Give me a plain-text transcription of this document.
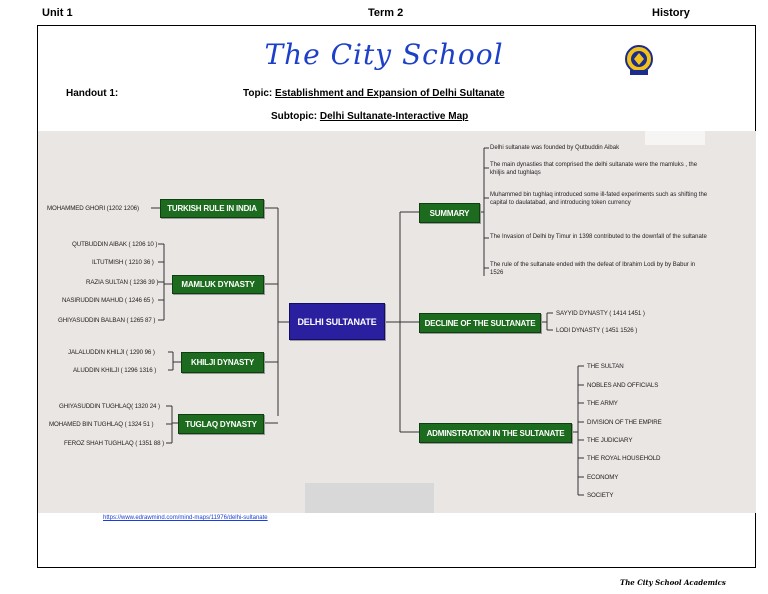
Unit 1	Term 2	History
The City School
Handout 1:	Topic: Establishment and Expansion of Delhi Sultanate
Subtopic: Delhi Sultanate-Interactive Map
DELHI SULTANATE
TURKISH RULE IN INDIA
MAMLUK DYNASTY
KHILJI DYNASTY
TUGLAQ DYNASTY
MOHAMMED GHORI (1202 1206)
QUTBUDDIN AIBAK ( 1206 10 )
ILTUTMISH ( 1210 36 )
RAZIA SULTAN ( 1236 39 )
NASIRUDDIN MAHUD ( 1246 65 )
GHIYASUDDIN BALBAN ( 1265 87 )
JALALUDDIN KHILJI ( 1290 96 )
ALUDDIN KHILJI ( 1296 1316 )
GHIYASUDDIN TUGHLAQ( 1320 24 )
MOHAMED BIN TUGHLAQ ( 1324 51 )
FEROZ SHAH TUGHLAQ ( 1351 88 )
SUMMARY
DECLINE OF THE SULTANATE
ADMINSTRATION IN THE SULTANATE
Delhi sultanate was founded by Qutbuddin Aibak
The main dynasties that comprised the delhi sultanate were the mamluks , the khiljis and tughlaqs
Muhammed bin tughlaq introduced some ill-fated experiments such as shifting the capital to daulatabad, and introducing token currency
The Invasion of Delhi by Timur in 1398 contributed to the downfall of the sultanate
The rule of the sultanate ended with the defeat of Ibrahim Lodi by by Babur in 1526
SAYYID DYNASTY ( 1414 1451 )
LODI DYNASTY ( 1451 1526 )
THE SULTAN
NOBLES AND OFFICIALS
THE ARMY
DIVISION OF THE EMPIRE
THE JUDICIARY
THE ROYAL HOUSEHOLD
ECONOMY
SOCIETY
https://www.edrawmind.com/mind-maps/11976/delhi-sultanate
The City School Academics
